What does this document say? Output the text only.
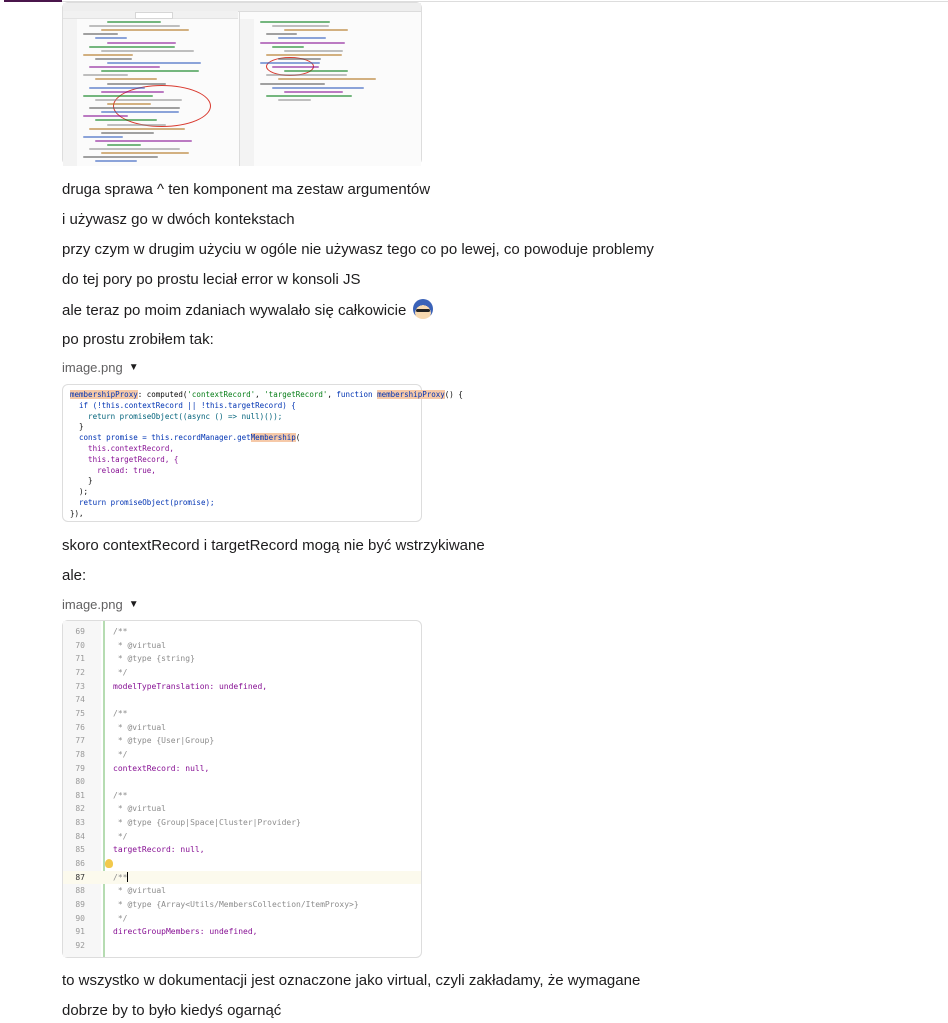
druga sprawa ^ ten komponent ma zestaw argumentów
i używasz go w dwóch kontekstach
przy czym w drugim użyciu w ogóle nie używasz tego co po lewej, co powoduje problemy
do tej pory po prostu leciał error w konsoli JS
ale teraz po moim zdaniach wywalało się całkowicie
po prostu zrobiłem tak:
image.png ▼
membershipProxy: computed('contextRecord', 'targetRecord', function membershipProxy() {
if (!this.contextRecord || !this.targetRecord) {
return promiseObject((async () => null)());
}
const promise = this.recordManager.getMembership(
this.contextRecord,
this.targetRecord, {
reload: true,
}
);
return promiseObject(promise);
}),
skoro contextRecord i targetRecord mogą nie być wstrzykiwane
ale:
image.png ▼
69	/**
70	* @virtual
71	* @type {string}
72	*/
73	modelTypeTranslation: undefined,
74
75	/**
76	* @virtual
77	* @type {User|Group}
78	*/
79	contextRecord: null,
80
81	/**
82	* @virtual
83	* @type {Group|Space|Cluster|Provider}
84	*/
85	targetRecord: null,
86
87	/**
88	* @virtual
89	* @type {Array<Utils/MembersCollection/ItemProxy>}
90	*/
91	directGroupMembers: undefined,
92
to wszystko w dokumentacji jest oznaczone jako virtual, czyli zakładamy, że wymagane
dobrze by to było kiedyś ogarnąć
